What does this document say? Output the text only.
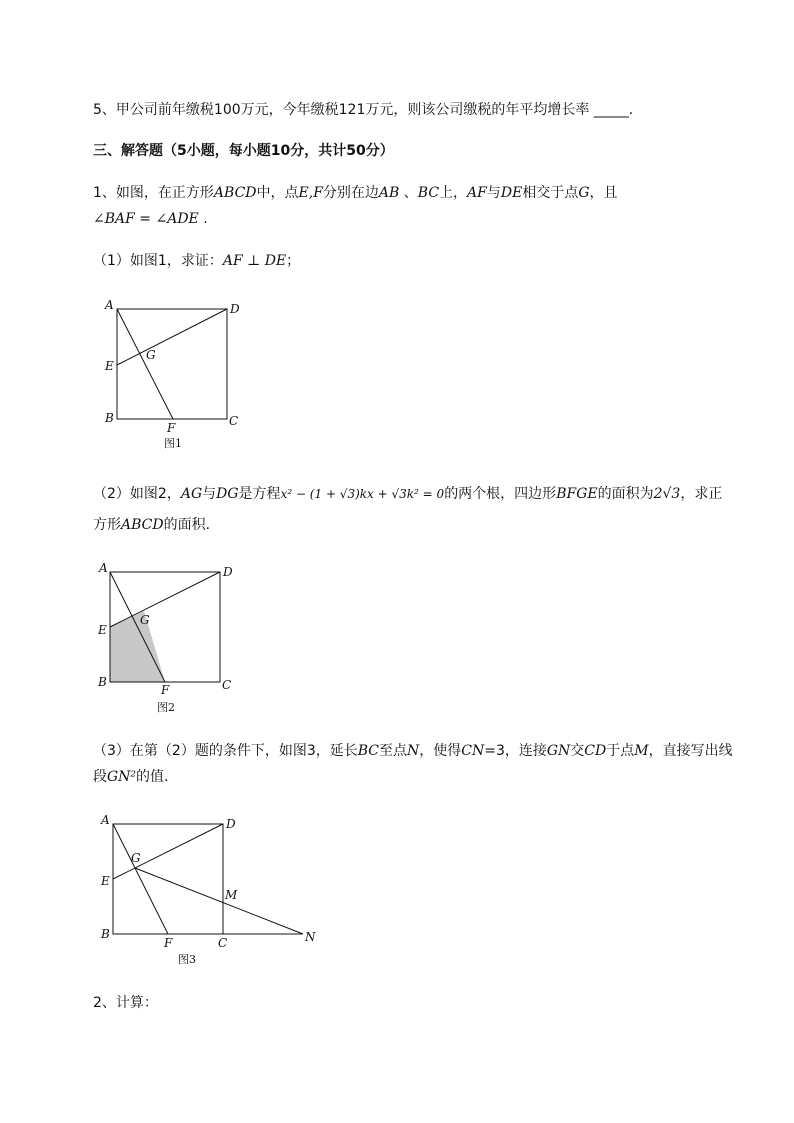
5、甲公司前年缴税100万元，今年缴税121万元，则该公司缴税的年平均增长率 _____.
三、解答题（5小题，每小题10分，共计50分）
1、如图，在正方形ABCD中，点E,F分别在边AB 、BC上，AF与DE相交于点G，且
∠BAF = ∠ADE .
（1）如图1，求证：AF ⊥ DE；
A	D
E
G
B	C
F
图1
（2）如图2，AG与DG是方程x² − (1 + √3)kx + √3k² = 0的两个根，四边形BFGE的面积为2√3，求正
方形ABCD的面积．
A	D
E
G
B	C
F
图2
（3）在第（2）题的条件下，如图3，延长BC至点N，使得CN=3，连接GN交CD于点M，直接写出线
段GN²的值．
A	D
E
G
M
B
F	C	N
图3
2、计算：
